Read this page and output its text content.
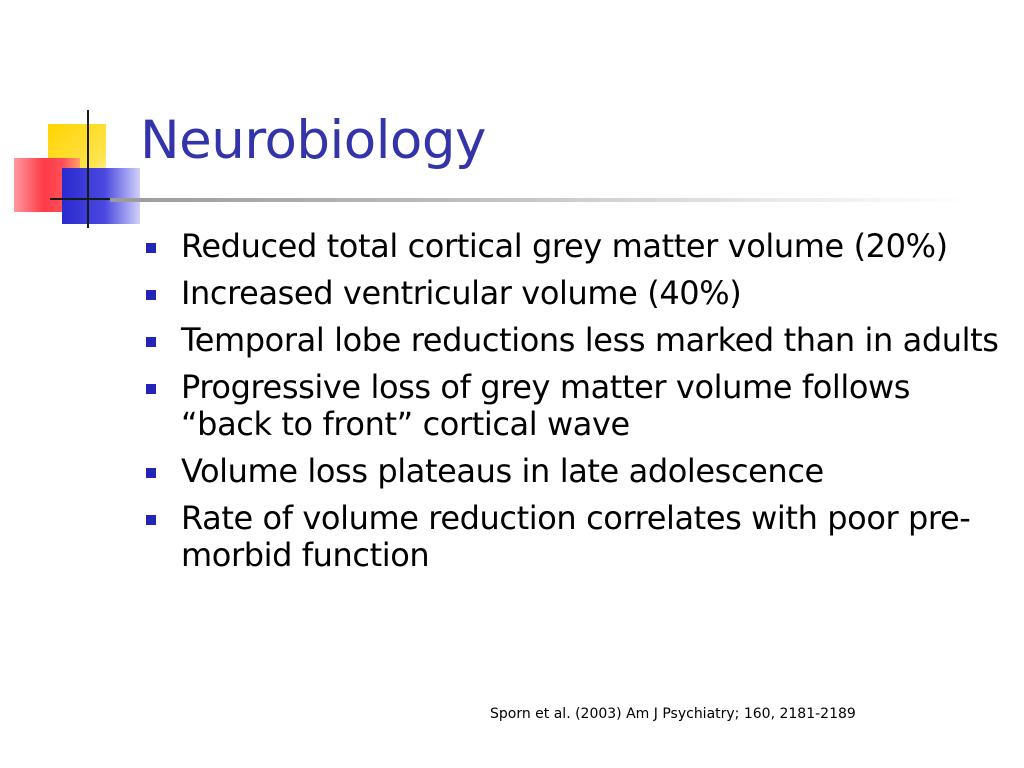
Neurobiology
Reduced total cortical grey matter volume (20%)
Increased ventricular volume (40%)
Temporal lobe reductions less marked than in adults
Progressive loss of grey matter volume follows “back to front” cortical wave
Volume loss plateaus in late adolescence
Rate of volume reduction correlates with poor pre-morbid function
Sporn et al. (2003) Am J Psychiatry; 160, 2181-2189
